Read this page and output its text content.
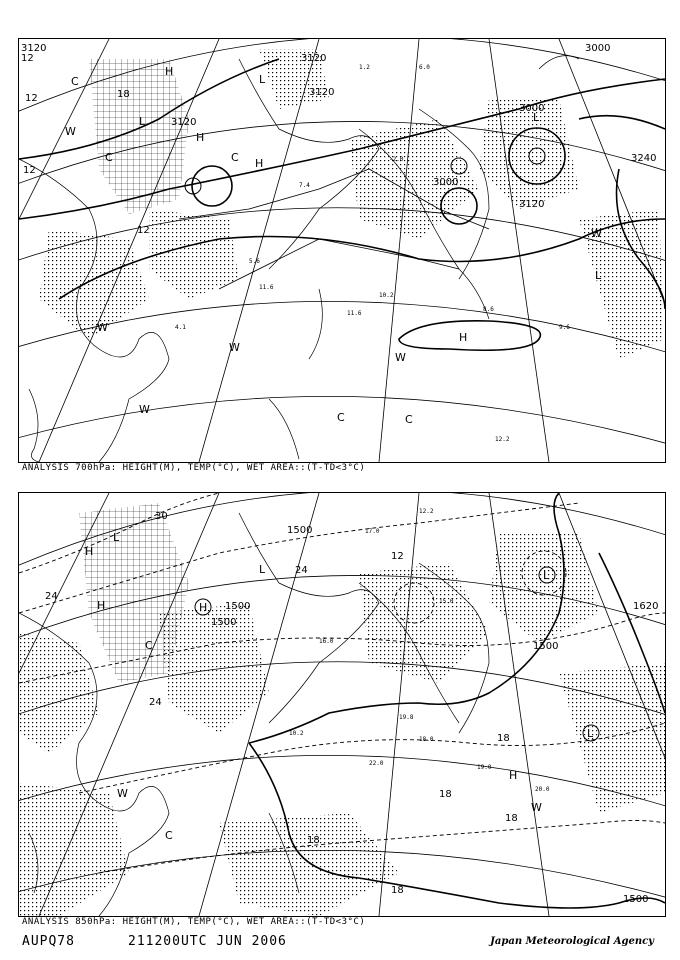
3120
3120
3120
3120
3000
3000
3240
3000
3120
12
12
12
18
12
H
H
H
L
L
L
L
C
C	C
C	C
W
W
W
W
W
H
W
10.2
11.6
9.6
12.2
6.0
7.4
1.2
-2.0
5.6
8.6
11.6
4.1
ANALYSIS 700hPa: HEIGHT(M), TEMP(°C), WET AREA::(T-TD<3°C)
1500
1500
1500
1500
1620
1500
30
24
24
24
18
18
18
18
18
12
H
H	H
L
L	L
L
C
C
W
W
H
19.0
20.0
12.2
15.0
17.0
22.0
10.2
19.8
18.0
16.0
ANALYSIS 850hPa: HEIGHT(M), TEMP(°C), WET AREA::(T-TD<3°C)
AUPQ78	211200UTC JUN 2006	Japan Meteorological Agency
